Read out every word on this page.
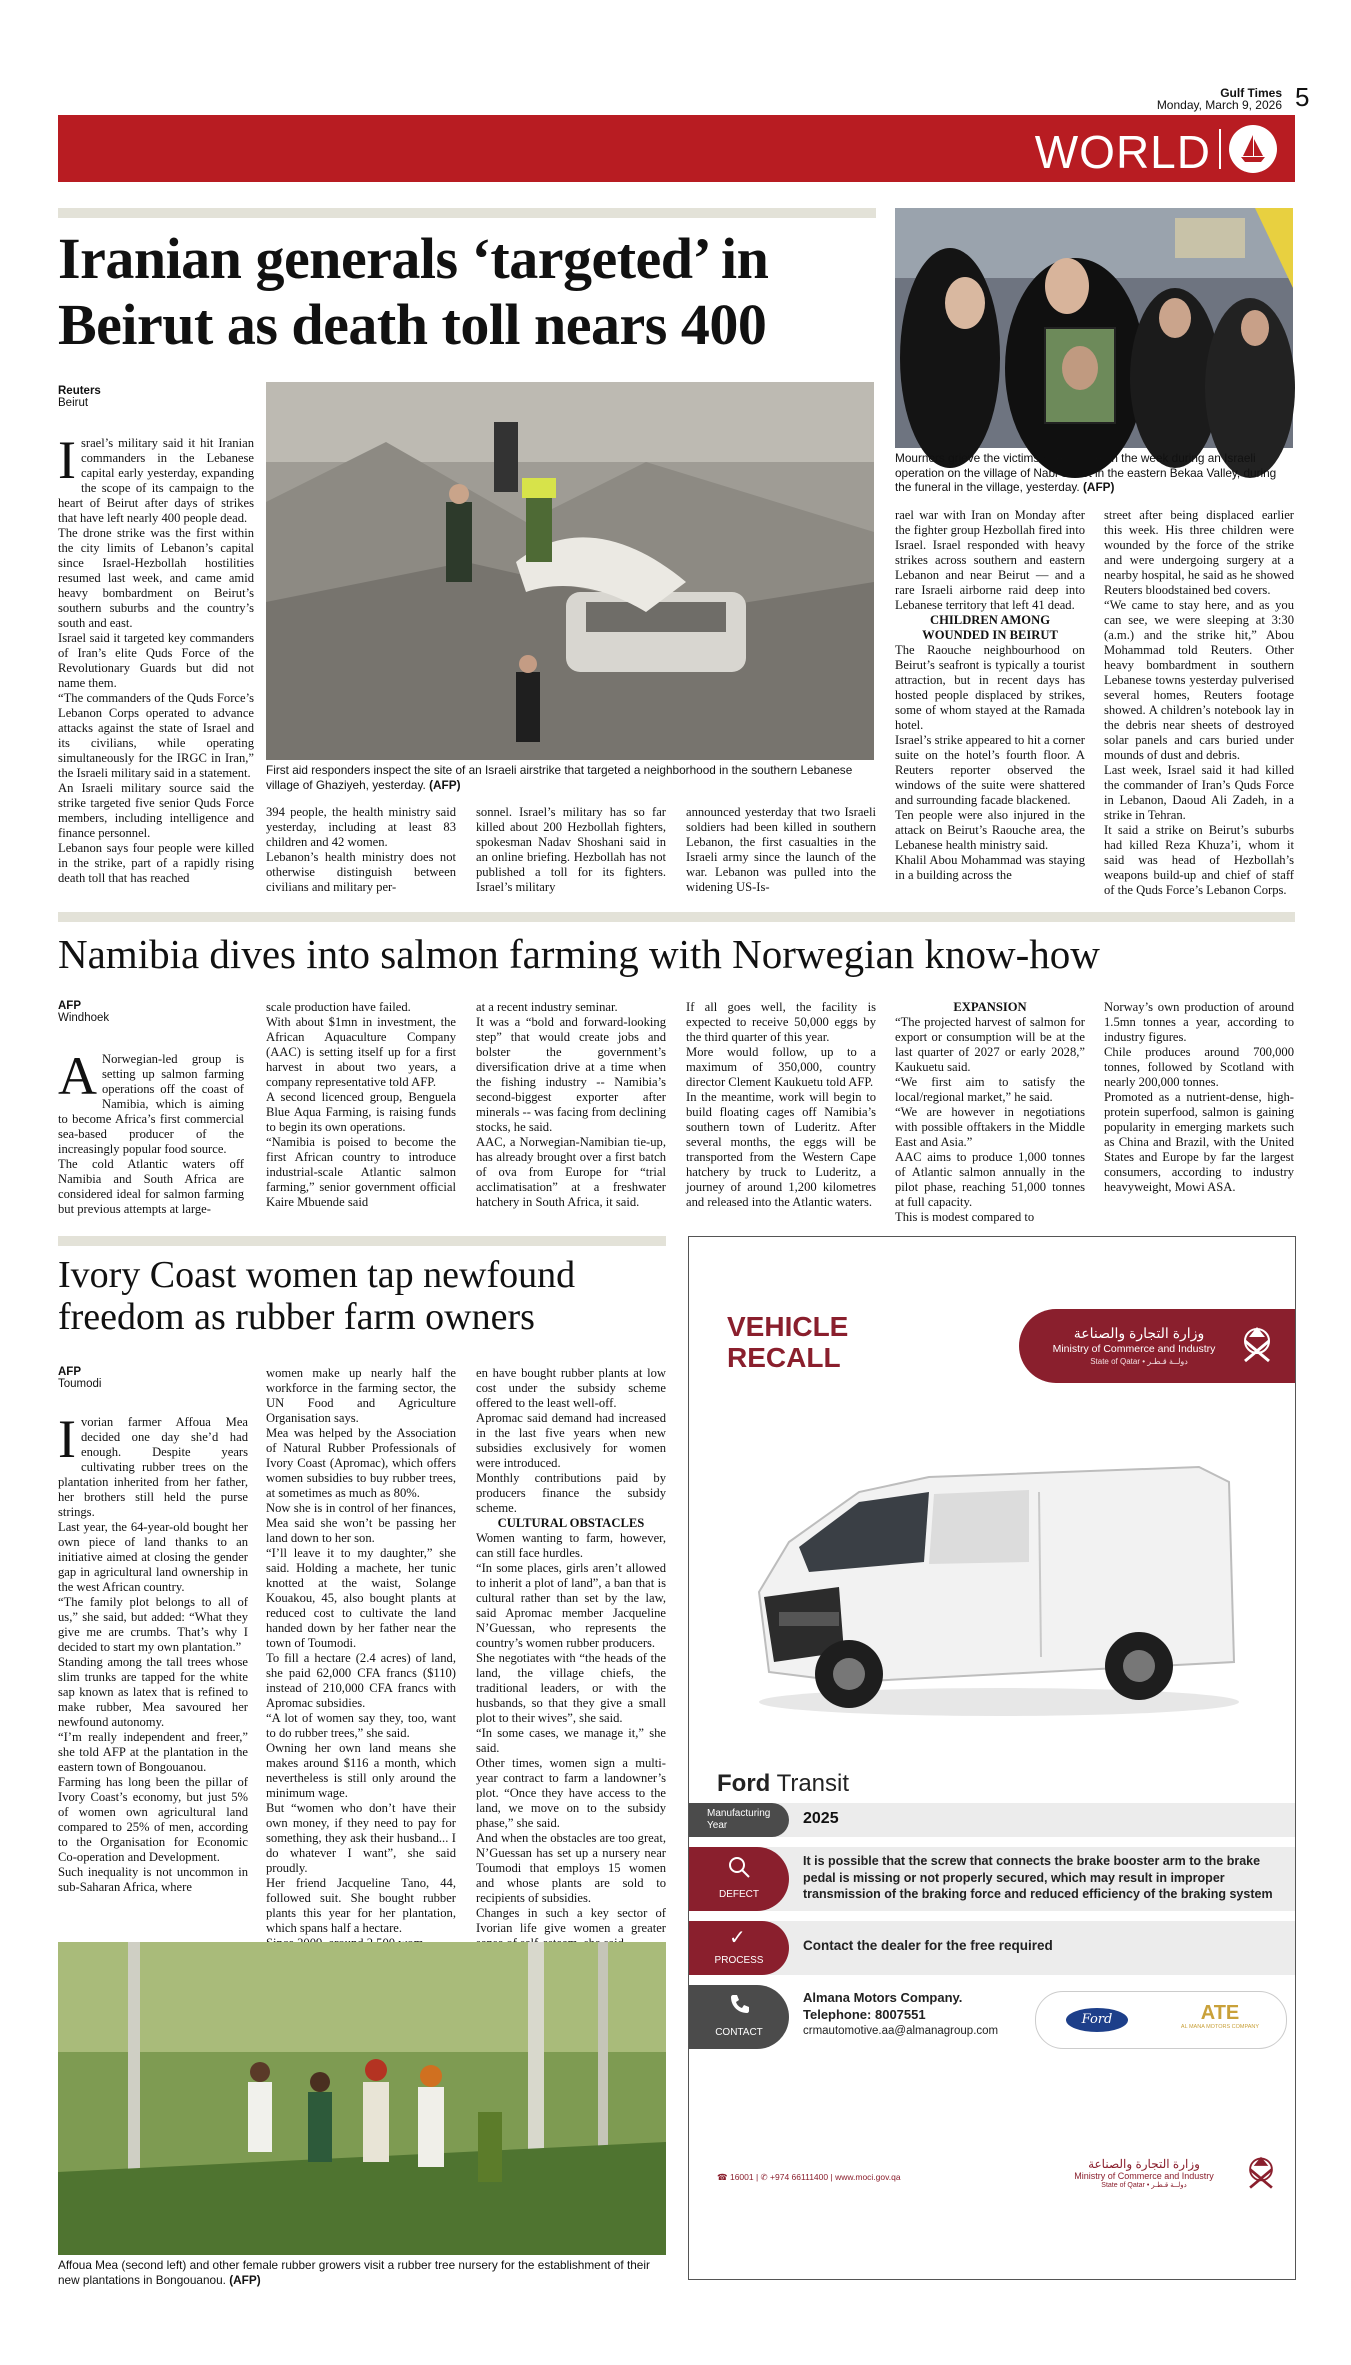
Gulf Times
Monday, March 9, 2026 5
WORLD
Iranian generals ‘targeted’ in Beirut as death toll nears 400
Reuters
Beirut
Mourners grieve the victims killed earlier in the week during an Israeli operation on the village of Nabi Sheet in the eastern Bekaa Valley, during the funeral in the village, yesterday. (AFP)
First aid responders inspect the site of an Israeli airstrike that targeted a neighborhood in the southern Lebanese village of Ghaziyeh, yesterday. (AFP)

Israel’s military said it hit Iranian commanders in the Lebanese capital early yesterday, expanding the scope of its campaign to the heart of Beirut after days of strikes that have left nearly 400 people dead.

The drone strike was the first within the city limits of Lebanon’s capital since Israel-Hezbollah hostilities resumed last week, and came amid heavy bombardment on Beirut’s southern suburbs and the country’s south and east.

Israel said it targeted key commanders of Iran’s elite Quds Force of the Revolutionary Guards but did not name them.

“The commanders of the Quds Force’s Lebanon Corps operated to advance attacks against the state of Israel and its civilians, while operating simultaneously for the IRGC in Iran,” the Israeli military said in a statement.

An Israeli military source said the strike targeted five senior Quds Force members, including intelligence and finance personnel.

Lebanon says four people were killed in the strike, part of a rapidly rising death toll that has reached

394 people, the health ministry said yesterday, including at least 83 children and 42 women.

Lebanon’s health ministry does not otherwise distinguish between civilians and military per-

sonnel. Israel’s military has so far killed about 200 Hezbollah fighters, spokesman Nadav Shoshani said in an online briefing. Hezbollah has not published a toll for its fighters. Israel’s military

announced yesterday that two Israeli soldiers had been killed in southern Lebanon, the first casualties in the Israeli army since the launch of the war. Lebanon was pulled into the widening US-Is-

rael war with Iran on Monday after the fighter group Hezbollah fired into Israel. Israel responded with heavy strikes across southern and eastern Lebanon and near Beirut — and a rare Israeli airborne raid deep into Lebanese territory that left 41 dead.

CHILDREN AMONG WOUNDED IN BEIRUT

The Raouche neighbourhood on Beirut’s seafront is typically a tourist attraction, but in recent days has hosted people displaced by strikes, some of whom stayed at the Ramada hotel.

Israel’s strike appeared to hit a corner suite on the hotel’s fourth floor. A Reuters reporter observed the windows of the suite were shattered and surrounding facade blackened.

Ten people were also injured in the attack on Beirut’s Raouche area, the Lebanese health ministry said.

Khalil Abou Mohammad was staying in a building across the

street after being displaced earlier this week. His three children were wounded by the force of the strike and were undergoing surgery at a nearby hospital, he said as he showed Reuters bloodstained bed covers.

“We came to stay here, and as you can see, we were sleeping at 3:30 (a.m.) and the strike hit,” Abou Mohammad told Reuters. Other heavy bombardment in southern Lebanese towns yesterday pulverised several homes, Reuters footage showed. A children’s notebook lay in the debris near sheets of destroyed solar panels and cars buried under mounds of dust and debris.

Last week, Israel said it had killed the commander of Iran’s Quds Force in Lebanon, Daoud Ali Zadeh, in a strike in Tehran.

It said a strike on Beirut’s suburbs had killed Reza Khuza’i, whom it said was head of Hezbollah’s weapons build-up and chief of staff of the Quds Force’s Lebanon Corps.

Namibia dives into salmon farming with Norwegian know-how
AFP
Windhoek

A Norwegian-led group is setting up salmon farming operations off the coast of Namibia, which is aiming to become Africa’s first commercial sea-based producer of the increasingly popular food source.

The cold Atlantic waters off Namibia and South Africa are considered ideal for salmon farming but previous attempts at large-

scale production have failed.

With about $1mn in investment, the African Aquaculture Company (AAC) is setting itself up for a first harvest in about two years, a company representative told AFP.

A second licenced group, Benguela Blue Aqua Farming, is raising funds to begin its own operations.

“Namibia is poised to become the first African country to introduce industrial-scale Atlantic salmon farming,” senior government official Kaire Mbuende said

at a recent industry seminar.

It was a “bold and forward-looking step” that would create jobs and bolster the government’s diversification drive at a time when the fishing industry -- Namibia’s second-biggest exporter after minerals -- was facing from declining stocks, he said.

AAC, a Norwegian-Namibian tie-up, has already brought over a first batch of ova from Europe for “trial acclimatisation” at a freshwater hatchery in South Africa, it said.

If all goes well, the facility is expected to receive 50,000 eggs by the third quarter of this year.

More would follow, up to a maximum of 350,000, country director Clement Kaukuetu told AFP.

In the meantime, work will begin to build floating cages off Namibia’s southern town of Luderitz. After several months, the eggs will be transported from the Western Cape hatchery by truck to Luderitz, a journey of around 1,200 kilometres and released into the Atlantic waters.

EXPANSION

“The projected harvest of salmon for export or consumption will be at the last quarter of 2027 or early 2028,” Kaukuetu said.

“We first aim to satisfy the local/regional market,” he said.

“We are however in negotiations with possible offtakers in the Middle East and Asia.”

AAC aims to produce 1,000 tonnes of Atlantic salmon annually in the pilot phase, reaching 51,000 tonnes at full capacity.

This is modest compared to

Norway’s own production of around 1.5mn tonnes a year, according to industry figures.

Chile produces around 700,000 tonnes, followed by Scotland with nearly 200,000 tonnes.

Promoted as a nutrient-dense, high-protein superfood, salmon is gaining popularity in emerging markets such as China and Brazil, with the United States and Europe by far the largest consumers, according to industry heavyweight, Mowi ASA.

Ivory Coast women tap newfound freedom as rubber farm owners
AFP
Toumodi

Ivorian farmer Affoua Mea decided one day she’d had enough. Despite years cultivating rubber trees on the plantation inherited from her father, her brothers still held the purse strings.

Last year, the 64-year-old bought her own piece of land thanks to an initiative aimed at closing the gender gap in agricultural land ownership in the west African country.

“The family plot belongs to all of us,” she said, but added: “What they give me are crumbs. That’s why I decided to start my own plantation.”

Standing among the tall trees whose slim trunks are tapped for the white sap known as latex that is refined to make rubber, Mea savoured her newfound autonomy.

“I’m really independent and freer,” she told AFP at the plantation in the eastern town of Bongouanou.

Farming has long been the pillar of Ivory Coast’s economy, but just 5% of women own agricultural land compared to 25% of men, according to the Organisation for Economic Co-operation and Development.

Such inequality is not uncommon in sub-Saharan Africa, where

women make up nearly half the workforce in the farming sector, the UN Food and Agriculture Organisation says.

Mea was helped by the Association of Natural Rubber Professionals of Ivory Coast (Apromac), which offers women subsidies to buy rubber trees, at sometimes as much as 80%.

Now she is in control of her finances, Mea said she won’t be passing her land down to her son.

“I’ll leave it to my daughter,” she said. Holding a machete, her tunic knotted at the waist, Solange Kouakou, 45, also bought plants at reduced cost to cultivate the land handed down by her father near the town of Toumodi.

To fill a hectare (2.4 acres) of land, she paid 62,000 CFA francs ($110) instead of 210,000 CFA francs with Apromac subsidies.

“A lot of women say they, too, want to do rubber trees,” she said.

Owning her own land means she makes around $116 a month, which nevertheless is still only around the minimum wage.

But “women who don’t have their own money, if they need to pay for something, they ask their husband... I do whatever I want”, she said proudly.

Her friend Jacqueline Tano, 44, followed suit. She bought rubber plants this year for her plantation, which spans half a hectare.

en have bought rubber plants at low cost under the subsidy scheme offered to the least well-off.

Apromac said demand had increased in the last five years when new subsidies exclusively for women were introduced.

Monthly contributions paid by producers finance the subsidy scheme.

CULTURAL OBSTACLES

Women wanting to farm, however, can still face hurdles.

“In some places, girls aren’t allowed to inherit a plot of land”, a ban that is cultural rather than set by the law, said Apromac member Jacqueline N’Guessan, who represents the country’s women rubber producers.

She negotiates with “the heads of the land, the village chiefs, the traditional leaders, or with the husbands, so that they give a small plot to their wives”, she said.

“In some cases, we manage it,” she said.

Other times, women sign a multi-year contract to farm a landowner’s plot. “Once they have access to the land, we move on to the subsidy phase,” she said.

And when the obstacles are too great, N’Guessan has set up a nursery near Toumodi that employs 15 women and whose plants are sold to recipients of subsidies.

Changes in such a key sector of Ivorian life give women a greater

Affoua Mea (second left) and other female rubber growers visit a rubber tree nursery for the establishment of their new plantations in Bongouanou. (AFP)
VEHICLE
RECALL
وزارة التجارة والصناعة
Ministry of Commerce and Industry
State of Qatar • دولــة قـطـر
Ford Transit
Manufacturing Year	2025
DEFECT
It is possible that the screw that connects the brake booster arm to the brake pedal is missing or not properly secured, which may result in improper transmission of the braking force and reduced efficiency of the braking system
✓
PROCESS
Contact the dealer for the free required
CONTACT
Almana Motors Company.
Telephone: 8007551
crmautomotive.aa@almanagroup.com
Ford	ATE
AL MANA MOTORS COMPANY
☎ 16001 | ✆ +974 66111400 | www.moci.gov.qa
وزارة التجارة والصناعة
Ministry of Commerce and Industry
State of Qatar • دولــة قـطـر
